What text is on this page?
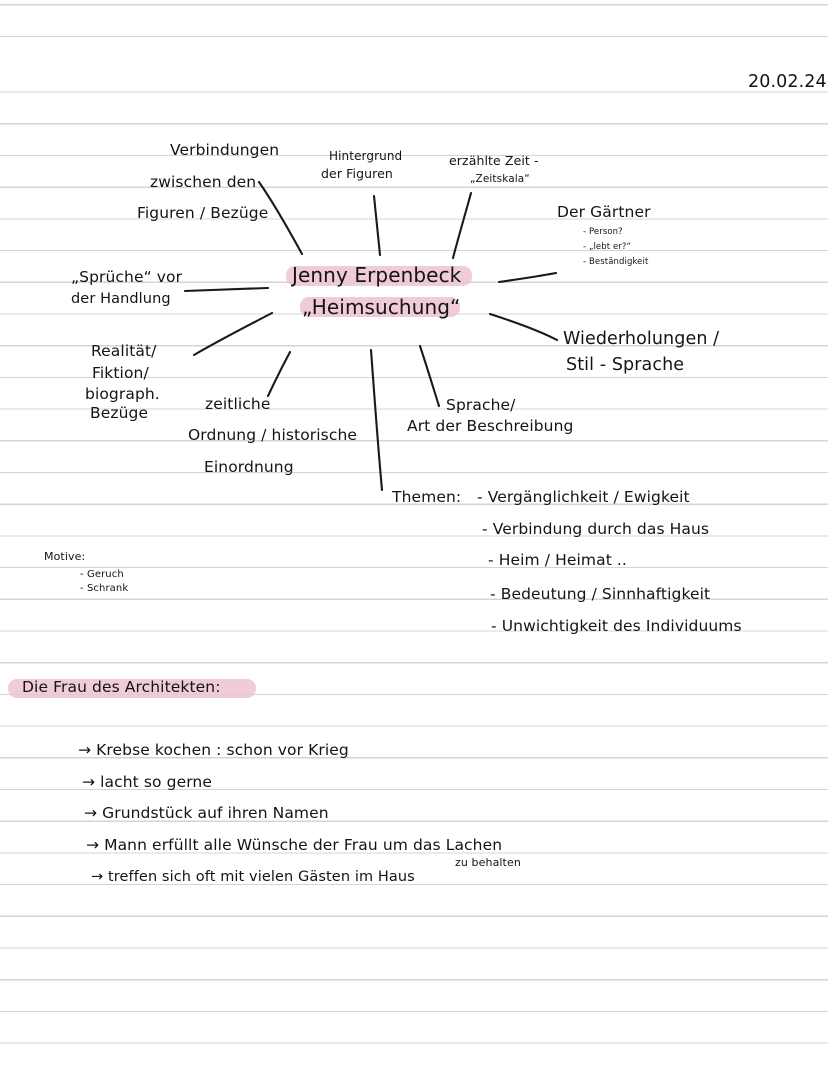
20.02.24
Jenny Erpenbeck
„Heimsuchung“
Verbindungen
zwischen den
Figuren / Bezüge
Hintergrund
der Figuren
erzählte Zeit -
„Zeitskala“
Der Gärtner
- Person?
- „lebt er?“
- Beständigkeit
„Sprüche“ vor
der Handlung
Wiederholungen /
Stil - Sprache
Realität/
Fiktion/
biograph.
Bezüge	zeitliche
Ordnung / historische
Einordnung
Sprache/
Art der Beschreibung
Themen: - Vergänglichkeit / Ewigkeit
- Verbindung durch das Haus
- Heim / Heimat ..
- Bedeutung / Sinnhaftigkeit
- Unwichtigkeit des Individuums
Motive:
- Geruch
- Schrank
Die Frau des Architekten:
→ Krebse kochen : schon vor Krieg
→ lacht so gerne
→ Grundstück auf ihren Namen
→ Mann erfüllt alle Wünsche der Frau um das Lachen
zu behalten
→ treffen sich oft mit vielen Gästen im Haus
